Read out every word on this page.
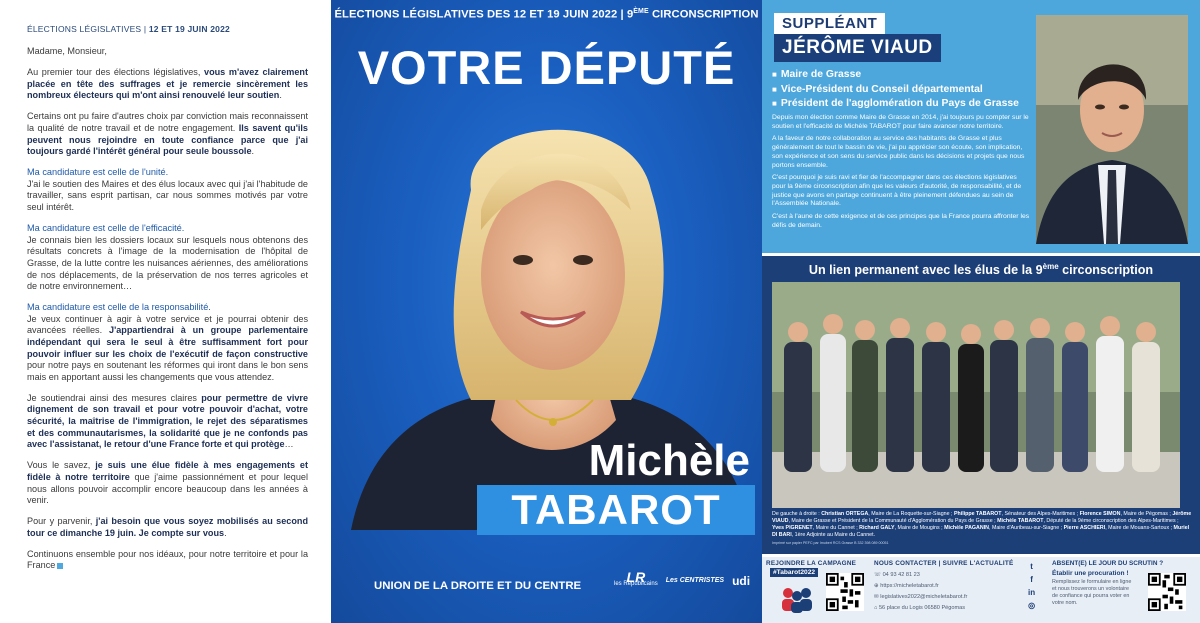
ÉLECTIONS LÉGISLATIVES | 12 ET 19 JUIN 2022

Madame, Monsieur,

Au premier tour des élections législatives, vous m'avez clairement placée en tête des suffrages et je remercie sincèrement les nombreux électeurs qui m'ont ainsi renouvelé leur soutien.

Certains ont pu faire d'autres choix par conviction mais reconnaissent la qualité de notre travail et de notre engagement. Ils savent qu'ils peuvent nous rejoindre en toute confiance parce que j'ai toujours gardé l'intérêt général pour seule boussole.

Ma candidature est celle de l'unité.

J'ai le soutien des Maires et des élus locaux avec qui j'ai l'habitude de travailler, sans esprit partisan, car nous sommes motivés par votre seul intérêt.

Ma candidature est celle de l'efficacité.

Je connais bien les dossiers locaux sur lesquels nous obtenons des résultats concrets à l'image de la modernisation de l'hôpital de Grasse, de la lutte contre les nuisances aériennes, des améliorations de nos déplacements, de la préservation de nos terres agricoles et de notre environnement…

Ma candidature est celle de la responsabilité.

Je veux continuer à agir à votre service et je pourrai obtenir des avancées réelles. J'appartiendrai à un groupe parlementaire indépendant qui sera le seul à être suffisamment fort pour pouvoir influer sur les choix de l'exécutif de façon constructive pour notre pays en soutenant les réformes qui iront dans le bon sens mais en apportant aussi les changements que vous attendez.

Je soutiendrai ainsi des mesures claires pour permettre de vivre dignement de son travail et pour votre pouvoir d'achat, votre sécurité, la maîtrise de l'immigration, le rejet des séparatismes et des communautarismes, la solidarité que je ne confonds pas avec l'assistanat, le retour d'une France forte et qui protège…

Vous le savez, je suis une élue fidèle à mes engagements et fidèle à notre territoire que j'aime passionnément et pour lequel nous allons pouvoir accomplir encore beaucoup dans les années à venir.

Pour y parvenir, j'ai besoin que vous soyez mobilisés au second tour ce dimanche 19 juin. Je compte sur vous.

Continuons ensemble pour nos idéaux, pour notre territoire et pour la France

ÉLECTIONS LÉGISLATIVES DES 12 ET 19 JUIN 2022 | 9ÈME CIRCONSCRIPTION
VOTRE DÉPUTÉ
Michèle
TABAROT
UNION DE LA DROITE ET DU CENTRE
LR
les Républicains Les CENTRISTES udi
SUPPLÉANT
JÉRÔME VIAUD
■ Maire de Grasse
■ Vice-Président du Conseil départemental
■ Président de l'agglomération du Pays de Grasse

Depuis mon élection comme Maire de Grasse en 2014, j'ai toujours pu compter sur le soutien et l'efficacité de Michèle TABAROT pour faire avancer notre territoire.

A la faveur de notre collaboration au service des habitants de Grasse et plus généralement de tout le bassin de vie, j'ai pu apprécier son écoute, son implication, son expérience et son sens du service public dans les décisions et projets que nous portons ensemble.

C'est pourquoi je suis ravi et fier de l'accompagner dans ces élections législatives pour la 9ème circonscription afin que les valeurs d'autorité, de responsabilité, et de justice que avons en partage continuent à être pleinement défendues au sein de l'Assemblée Nationale.

C'est à l'aune de cette exigence et de ces principes que la France pourra affronter les défis de demain.

Un lien permanent avec les élus de la 9ème circonscription
De gauche à droite : Christian ORTEGA, Maire de La Roquette-sur-Siagne ; Philippe TABAROT, Sénateur des Alpes-Maritimes ; Florence SIMON, Maire de Pégomas ; Jérôme VIAUD, Maire de Grasse et Président de la Communauté d'Agglomération du Pays de Grasse ; Michèle TABAROT, Député de la 9ème circonscription des Alpes-Maritimes ; Yves PIGRENET, Maire du Cannet ; Richard GALY, Maire de Mougins ; Michèle PAGANIN, Maire d'Auribeau-sur-Siagne ; Pierre ASCHIERI, Maire de Mouans-Sartoux ; Muriel DI BARI, 1ère Adjointe au Maire du Cannet.
Imprimé sur papier PEFC par Imubert RCS Grasse B 332 398 089 00051
REJOINDRE LA CAMPAGNE
#Tabarot2022
NOUS CONTACTER | SUIVRE L'ACTUALITÉ
☏ 04 93 42 81 23
⊕ https://micheletabarot.fr
✉ legislatives2022@micheletabarot.fr
⌂ 56 place du Logis 06580 Pégomas
t
f
in
◎
ABSENT(E) LE JOUR DU SCRUTIN ?
Établir une procuration !
Remplissez le formulaire en ligne et nous trouverons un volontaire de confiance qui pourra voter en votre nom.
